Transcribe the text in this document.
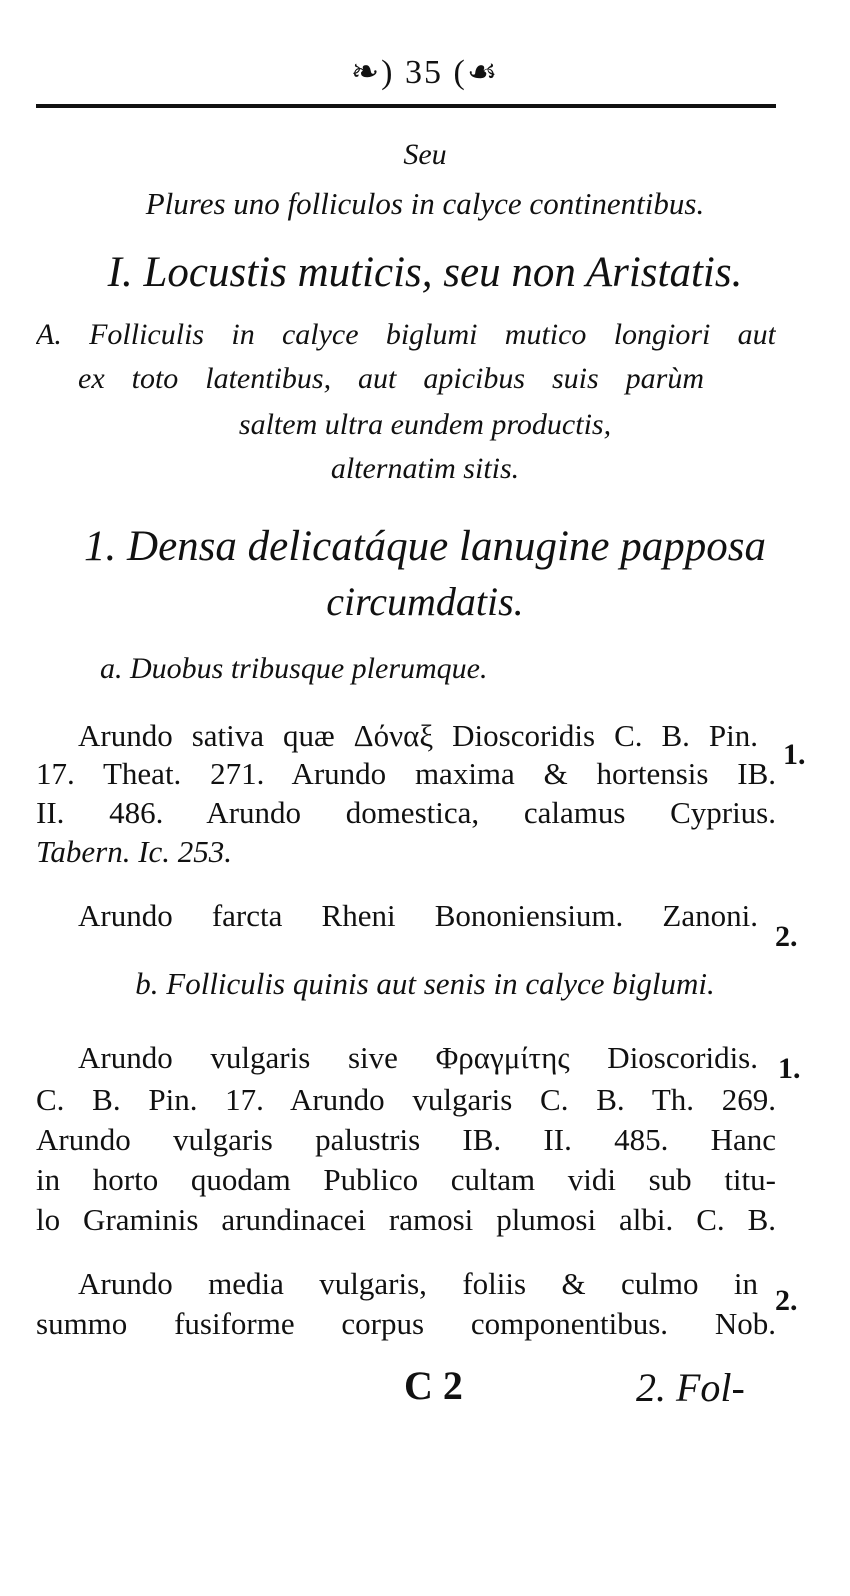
❧) 35 (☙
Seu
Plures uno folliculos in calyce continentibus.
I. Locustis muticis, seu non Aristatis.
A. Folliculis in calyce biglumi mutico longiori aut
ex toto latentibus, aut apicibus suis parùm
saltem ultra eundem productis,
alternatim sitis.
1. Densa delicatáque lanugine papposa
circumdatis.
a. Duobus tribusque plerumque.
Arundo sativa quæ Δόναξ Dioscoridis C. B. Pin.
17. Theat. 271. Arundo maxima & hortensis IB.
II. 486. Arundo domestica, calamus Cyprius.
Tabern. Ic. 253.
1.
Arundo farcta Rheni Bononiensium. Zanoni.
2.
b. Folliculis quinis aut senis in calyce biglumi.
Arundo vulgaris sive Φραγμίτης Dioscoridis.
C. B. Pin. 17. Arundo vulgaris C. B. Th. 269.
Arundo vulgaris palustris IB. II. 485. Hanc
in horto quodam Publico cultam vidi sub titu-
lo Graminis arundinacei ramosi plumosi albi. C. B.
1.
Arundo media vulgaris, foliis & culmo in
summo fusiforme corpus componentibus. Nob.
2.
C 2	2. Fol-
